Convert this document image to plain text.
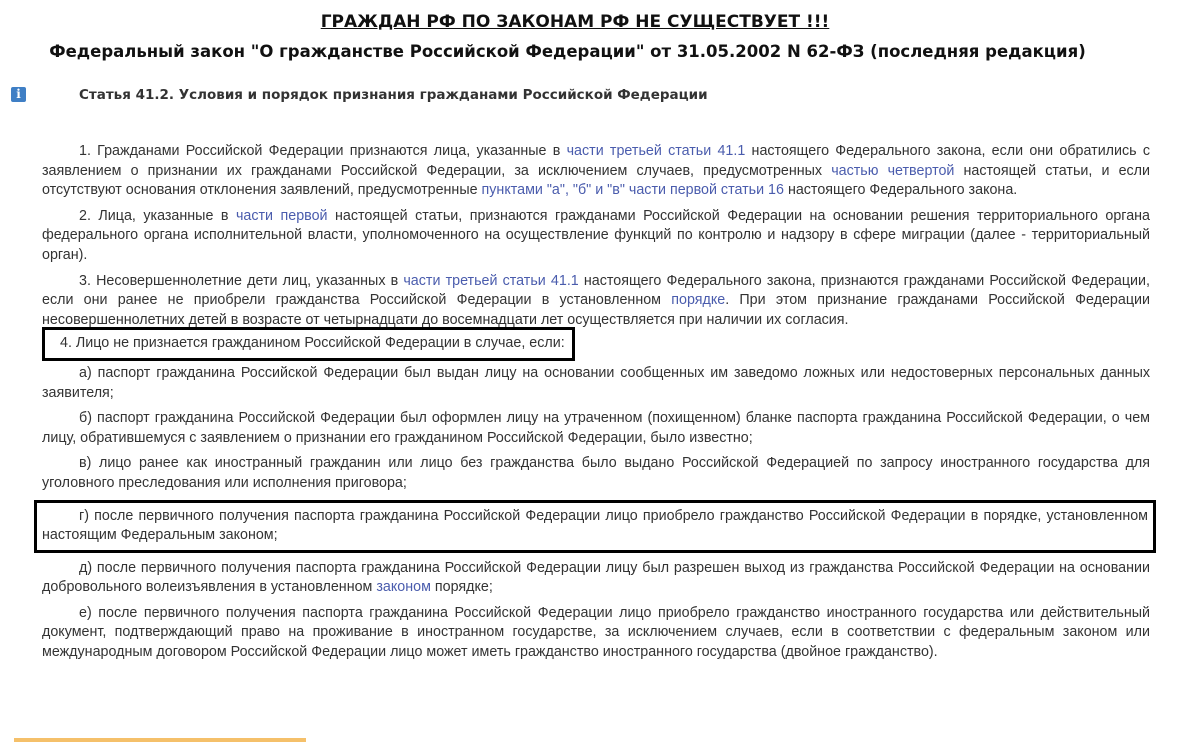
ГРАЖДАН РФ ПО ЗАКОНАМ РФ НЕ СУЩЕСТВУЕТ !!!
Федеральный закон "О гражданстве Российской Федерации" от 31.05.2002 N 62-ФЗ (последняя редакция)
i	Статья 41.2. Условия и порядок признания гражданами Российской Федерации

1. Гражданами Российской Федерации признаются лица, указанные в части третьей статьи 41.1 настоящего Федерального закона, если они обратились с заявлением о признании их гражданами Российской Федерации, за исключением случаев, предусмотренных частью четвертой настоящей статьи, и если отсутствуют основания отклонения заявлений, предусмотренные пунктами "а", "б" и "в" части первой статьи 16 настоящего Федерального закона.

2. Лица, указанные в части первой настоящей статьи, признаются гражданами Российской Федерации на основании решения территориального органа федерального органа исполнительной власти, уполномоченного на осуществление функций по контролю и надзору в сфере миграции (далее - территориальный орган).

3. Несовершеннолетние дети лиц, указанных в части третьей статьи 41.1 настоящего Федерального закона, признаются гражданами Российской Федерации, если они ранее не приобрели гражданства Российской Федерации в установленном порядке. При этом признание гражданами Российской Федерации несовершеннолетних детей в возрасте от четырнадцати до восемнадцати лет осуществляется при наличии их согласия.

4. Лицо не признается гражданином Российской Федерации в случае, если:

а) паспорт гражданина Российской Федерации был выдан лицу на основании сообщенных им заведомо ложных или недостоверных персональных данных заявителя;

б) паспорт гражданина Российской Федерации был оформлен лицу на утраченном (похищенном) бланке паспорта гражданина Российской Федерации, о чем лицу, обратившемуся с заявлением о признании его гражданином Российской Федерации, было известно;

в) лицо ранее как иностранный гражданин или лицо без гражданства было выдано Российской Федерацией по запросу иностранного государства для уголовного преследования или исполнения приговора;

г) после первичного получения паспорта гражданина Российской Федерации лицо приобрело гражданство Российской Федерации в порядке, установленном настоящим Федеральным законом;

д) после первичного получения паспорта гражданина Российской Федерации лицу был разрешен выход из гражданства Российской Федерации на основании добровольного волеизъявления в установленном законом порядке;

е) после первичного получения паспорта гражданина Российской Федерации лицо приобрело гражданство иностранного государства или действительный документ, подтверждающий право на проживание в иностранном государстве, за исключением случаев, если в соответствии с федеральным законом или международным договором Российской Федерации лицо может иметь гражданство иностранного государства (двойное гражданство).
